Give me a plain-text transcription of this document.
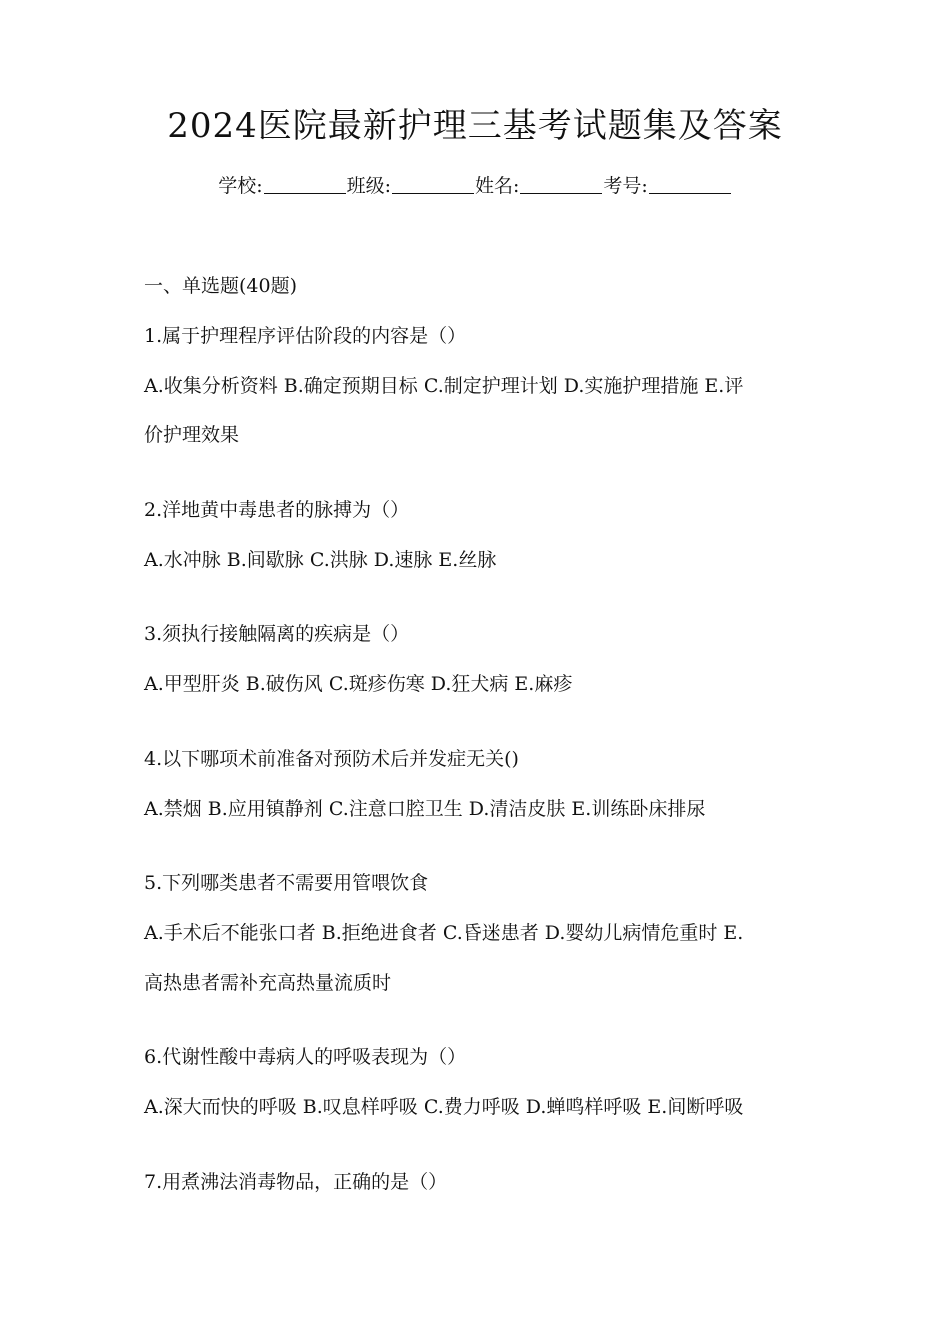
2024医院最新护理三基考试题集及答案
学校:	班级:	姓名:	考号:
一、单选题(40题)
1.属于护理程序评估阶段的内容是（）
A.收集分析资料 B.确定预期目标 C.制定护理计划 D.实施护理措施 E.评
价护理效果
2.洋地黄中毒患者的脉搏为（）
A.水冲脉 B.间歇脉 C.洪脉 D.速脉 E.丝脉
3.须执行接触隔离的疾病是（）
A.甲型肝炎 B.破伤风 C.斑疹伤寒 D.狂犬病 E.麻疹
4.以下哪项术前准备对预防术后并发症无关()
A.禁烟 B.应用镇静剂 C.注意口腔卫生 D.清洁皮肤 E.训练卧床排尿
5.下列哪类患者不需要用管喂饮食
A.手术后不能张口者 B.拒绝进食者 C.昏迷患者 D.婴幼儿病情危重时 E.
高热患者需补充高热量流质时
6.代谢性酸中毒病人的呼吸表现为（）
A.深大而快的呼吸 B.叹息样呼吸 C.费力呼吸 D.蝉鸣样呼吸 E.间断呼吸
7.用煮沸法消毒物品，正确的是（）
